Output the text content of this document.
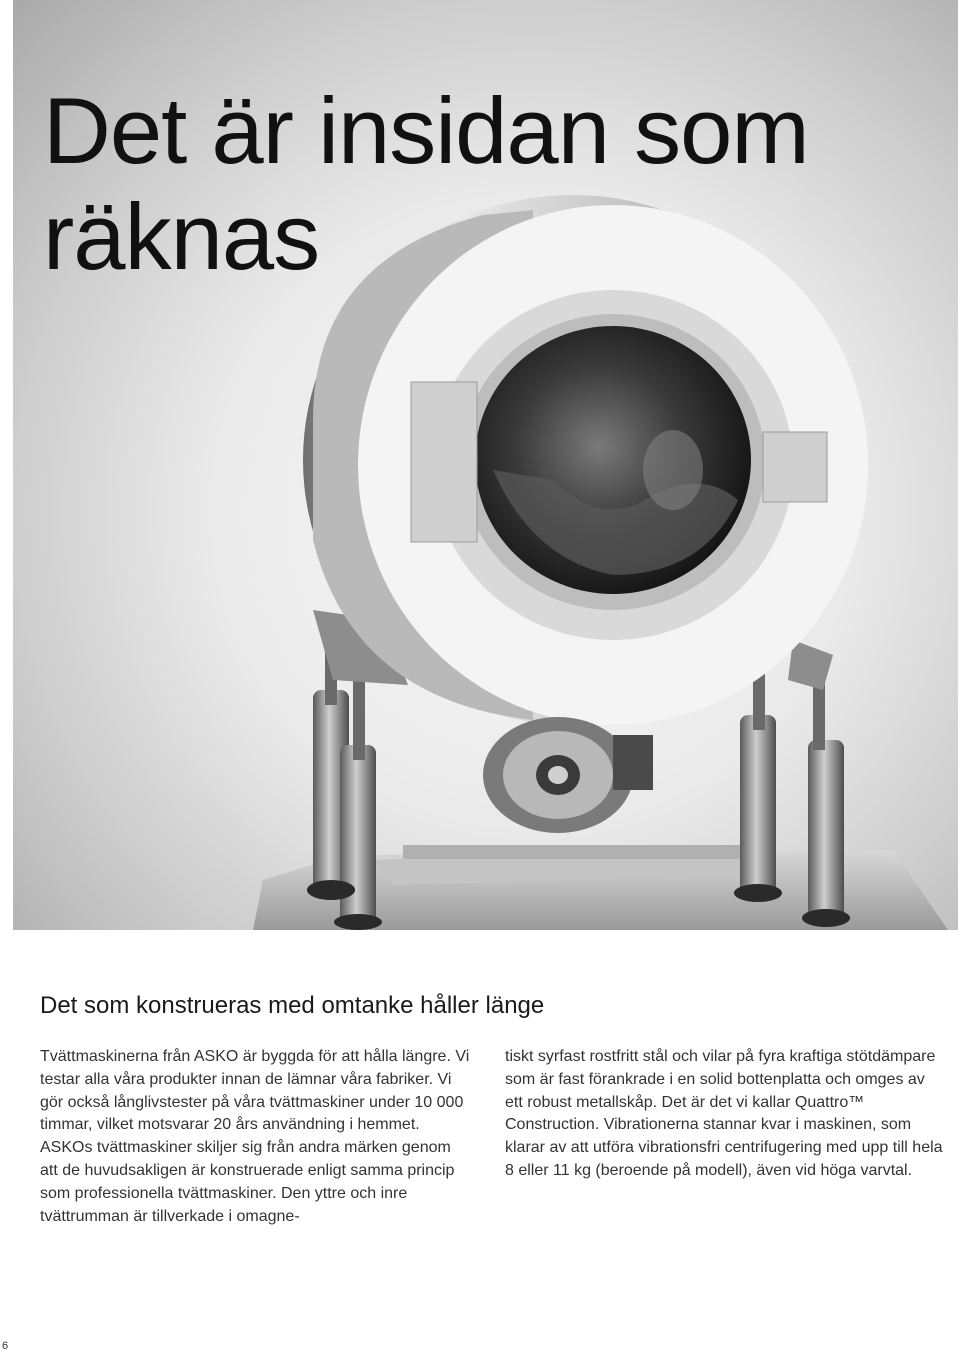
Det är insidan som
räknas
Det som konstrueras med omtanke håller länge

Tvättmaskinerna från ASKO är byggda för att hålla längre. Vi testar alla våra produkter innan de lämnar våra fabriker. Vi gör också långlivstester på våra tvättmaskiner under 10 000 timmar, vilket motsvarar 20 års användning i hemmet. ASKOs tvättmaskiner skiljer sig från andra märken genom att de huvudsakligen är konstruerade enligt samma princip som professionella tvättmaskiner. Den yttre och inre tvättrumman är tillverkade i omagne-

tiskt syrfast rostfritt stål och vilar på fyra kraftiga stötdämpare som är fast förankrade i en solid bottenplatta och omges av ett robust metallskåp. Det är det vi kallar Quattro™ Construction. Vibrationerna stannar kvar i maskinen, som klarar av att utföra vibrationsfri centrifugering med upp till hela 8 eller 11 kg (beroende på modell), även vid höga varvtal.

6
